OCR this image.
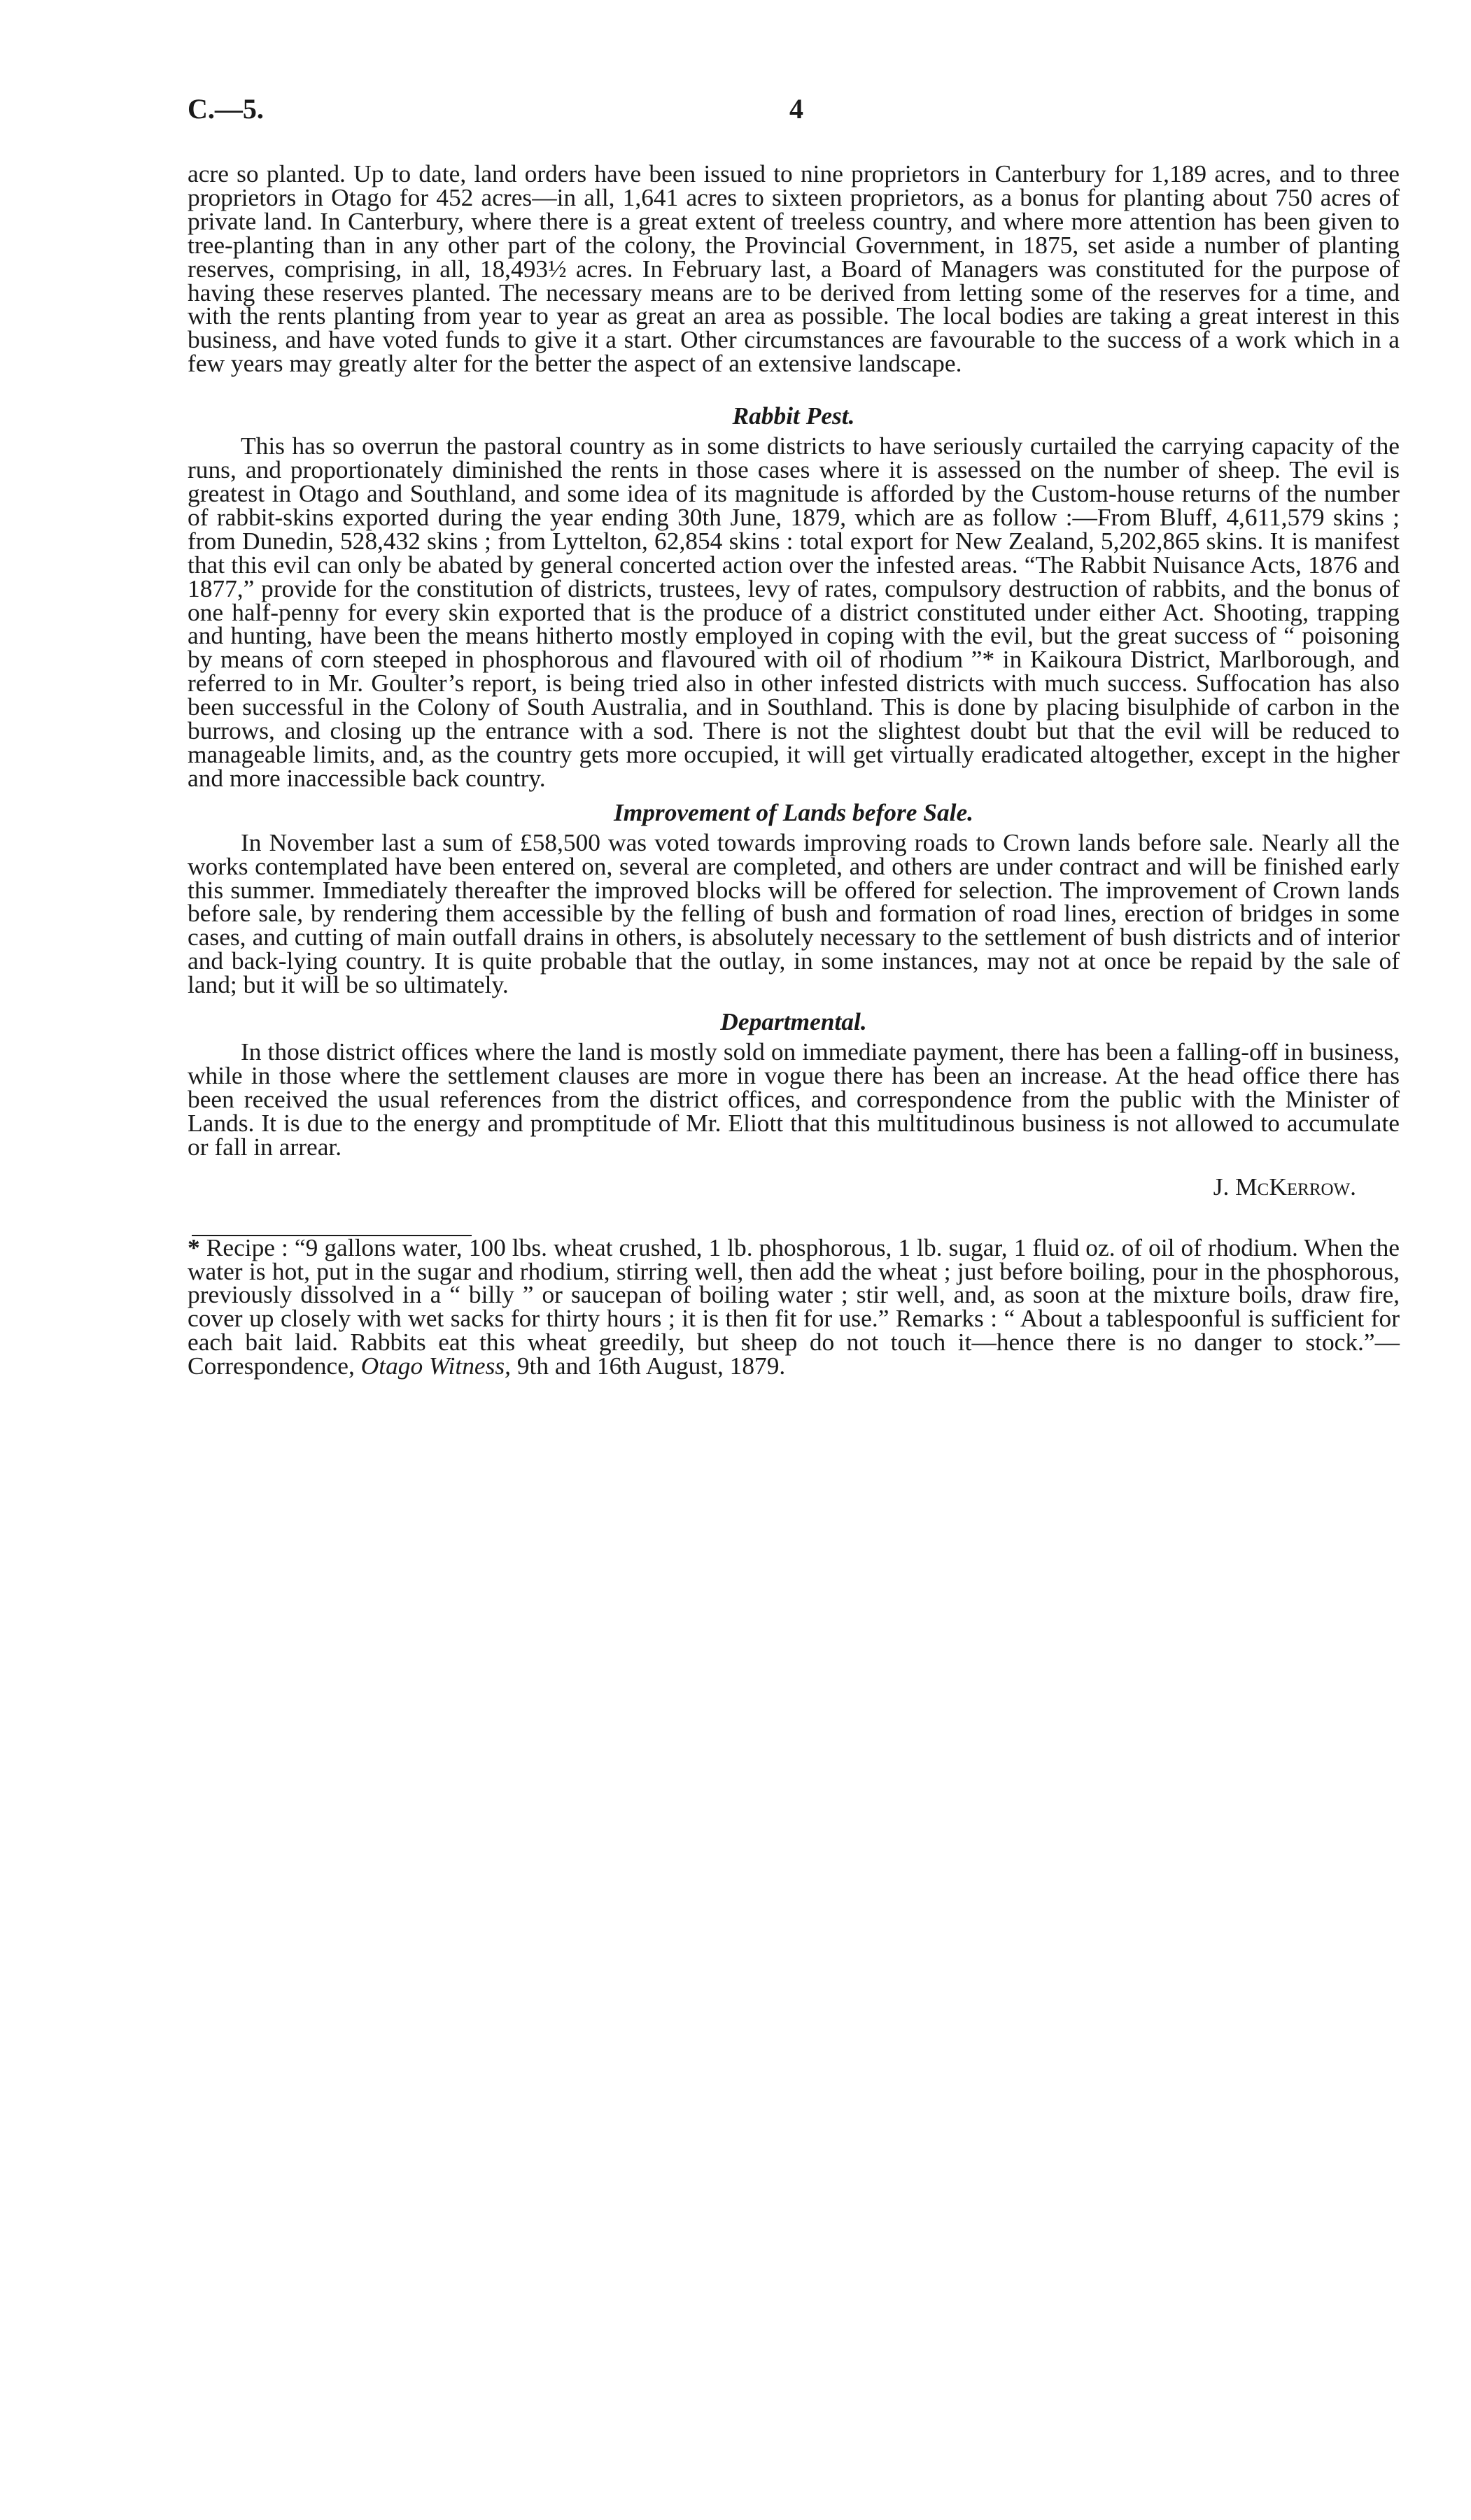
C.—5.	4

acre so planted. Up to date, land orders have been issued to nine proprietors in Canterbury for 1,189 acres, and to three proprietors in Otago for 452 acres—in all, 1,641 acres to sixteen proprietors, as a bonus for planting about 750 acres of private land. In Canterbury, where there is a great extent of treeless country, and where more attention has been given to tree-planting than in any other part of the colony, the Provincial Government, in 1875, set aside a number of planting reserves, comprising, in all, 18,493½ acres. In February last, a Board of Managers was constituted for the purpose of having these reserves planted. The necessary means are to be derived from letting some of the reserves for a time, and with the rents planting from year to year as great an area as possible. The local bodies are taking a great interest in this business, and have voted funds to give it a start. Other circumstances are favourable to the success of a work which in a few years may greatly alter for the better the aspect of an extensive landscape.

Rabbit Pest.

This has so overrun the pastoral country as in some districts to have seriously curtailed the carrying capacity of the runs, and proportionately diminished the rents in those cases where it is assessed on the number of sheep. The evil is greatest in Otago and Southland, and some idea of its magnitude is afforded by the Custom-house returns of the number of rabbit-skins exported during the year ending 30th June, 1879, which are as follow :—From Bluff, 4,611,579 skins ; from Dunedin, 528,432 skins ; from Lyttelton, 62,854 skins : total export for New Zealand, 5,202,865 skins. It is manifest that this evil can only be abated by general concerted action over the infested areas. “The Rabbit Nuisance Acts, 1876 and 1877,” provide for the constitution of districts, trustees, levy of rates, compulsory destruction of rabbits, and the bonus of one half-penny for every skin exported that is the produce of a district constituted under either Act. Shooting, trapping and hunting, have been the means hitherto mostly employed in coping with the evil, but the great success of “ poisoning by means of corn steeped in phosphorous and flavoured with oil of rhodium ”* in Kaikoura District, Marlborough, and referred to in Mr. Goulter’s report, is being tried also in other infested districts with much success. Suffocation has also been successful in the Colony of South Australia, and in Southland. This is done by placing bisulphide of carbon in the burrows, and closing up the entrance with a sod. There is not the slightest doubt but that the evil will be reduced to manageable limits, and, as the country gets more occupied, it will get virtually eradicated altogether, except in the higher and more inaccessible back country.

Improvement of Lands before Sale.

In November last a sum of £58,500 was voted towards improving roads to Crown lands before sale. Nearly all the works contemplated have been entered on, several are completed, and others are under contract and will be finished early this summer. Immediately thereafter the improved blocks will be offered for selection. The improvement of Crown lands before sale, by rendering them accessible by the felling of bush and formation of road lines, erection of bridges in some cases, and cutting of main outfall drains in others, is absolutely necessary to the settlement of bush districts and of interior and back-lying country. It is quite probable that the outlay, in some instances, may not at once be repaid by the sale of land; but it will be so ultimately.

Departmental.

In those district offices where the land is mostly sold on immediate payment, there has been a falling-off in business, while in those where the settlement clauses are more in vogue there has been an increase. At the head office there has been received the usual references from the district offices, and correspondence from the public with the Minister of Lands. It is due to the energy and promptitude of Mr. Eliott that this multitudinous business is not allowed to accumulate or fall in arrear.

J. McKerrow.

* Recipe : “9 gallons water, 100 lbs. wheat crushed, 1 lb. phosphorous, 1 lb. sugar, 1 fluid oz. of oil of rhodium. When the water is hot, put in the sugar and rhodium, stirring well, then add the wheat ; just before boiling, pour in the phosphorous, previously dissolved in a “ billy ” or saucepan of boiling water ; stir well, and, as soon at the mixture boils, draw fire, cover up closely with wet sacks for thirty hours ; it is then fit for use.” Remarks : “ About a tablespoonful is sufficient for each bait laid. Rabbits eat this wheat greedily, but sheep do not touch it—hence there is no danger to stock.”—Correspondence, Otago Witness, 9th and 16th August, 1879.
